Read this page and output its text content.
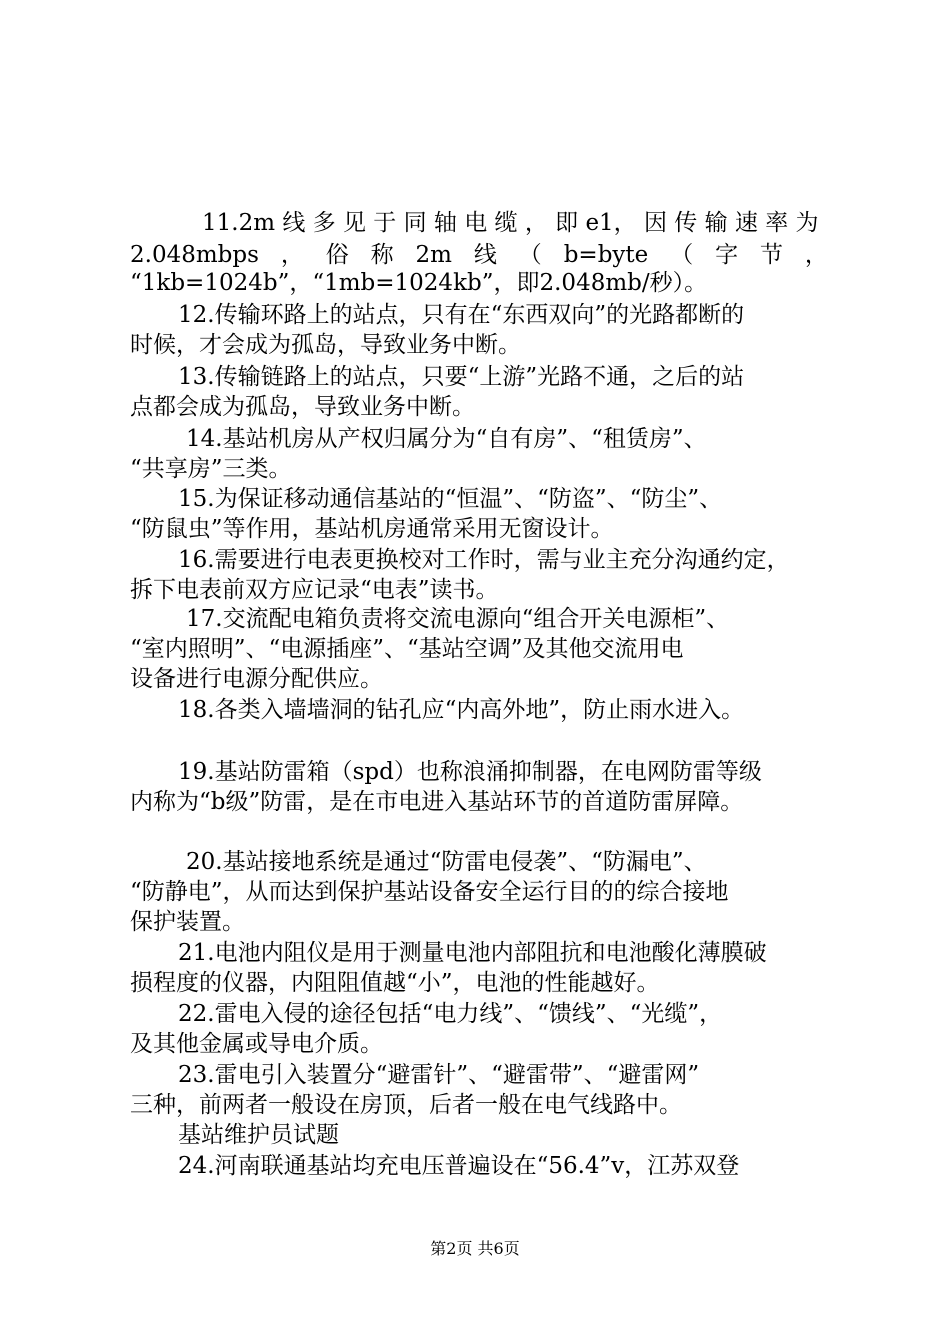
11.2m 线 多 见 于 同 轴 电 缆 ， 即 e1， 因 传 输 速 率 为
2.048mbps ， 俗 称 2m 线 （ b=byte （ 字 节 ，
“1kb=1024b”，“1mb=1024kb”，即2.048mb/秒）。
12.传输环路上的站点，只有在“东西双向”的光路都断的
时候，才会成为孤岛，导致业务中断。
13.传输链路上的站点，只要“上游”光路不通，之后的站
点都会成为孤岛，导致业务中断。
14.基站机房从产权归属分为“自有房”、“租赁房”、
“共享房”三类。
15.为保证移动通信基站的“恒温”、“防盗”、“防尘”、
“防鼠虫”等作用，基站机房通常采用无窗设计。
16.需要进行电表更换校对工作时，需与业主充分沟通约定，
拆下电表前双方应记录“电表”读书。
17.交流配电箱负责将交流电源向“组合开关电源柜”、
“室内照明”、“电源插座”、“基站空调”及其他交流用电
设备进行电源分配供应。
18.各类入墙墙洞的钻孔应“内高外地”，防止雨水进入。
19.基站防雷箱（spd）也称浪涌抑制器，在电网防雷等级
内称为“b级”防雷，是在市电进入基站环节的首道防雷屏障。
20.基站接地系统是通过“防雷电侵袭”、“防漏电”、
“防静电”，从而达到保护基站设备安全运行目的的综合接地
保护装置。
21.电池内阻仪是用于测量电池内部阻抗和电池酸化薄膜破
损程度的仪器，内阻阻值越“小”，电池的性能越好。
22.雷电入侵的途径包括“电力线”、“馈线”、“光缆”，
及其他金属或导电介质。
23.雷电引入装置分“避雷针”、“避雷带”、“避雷网”
三种，前两者一般设在房顶，后者一般在电气线路中。
基站维护员试题
24.河南联通基站均充电压普遍设在“56.4”v，江苏双登
第2页 共6页
